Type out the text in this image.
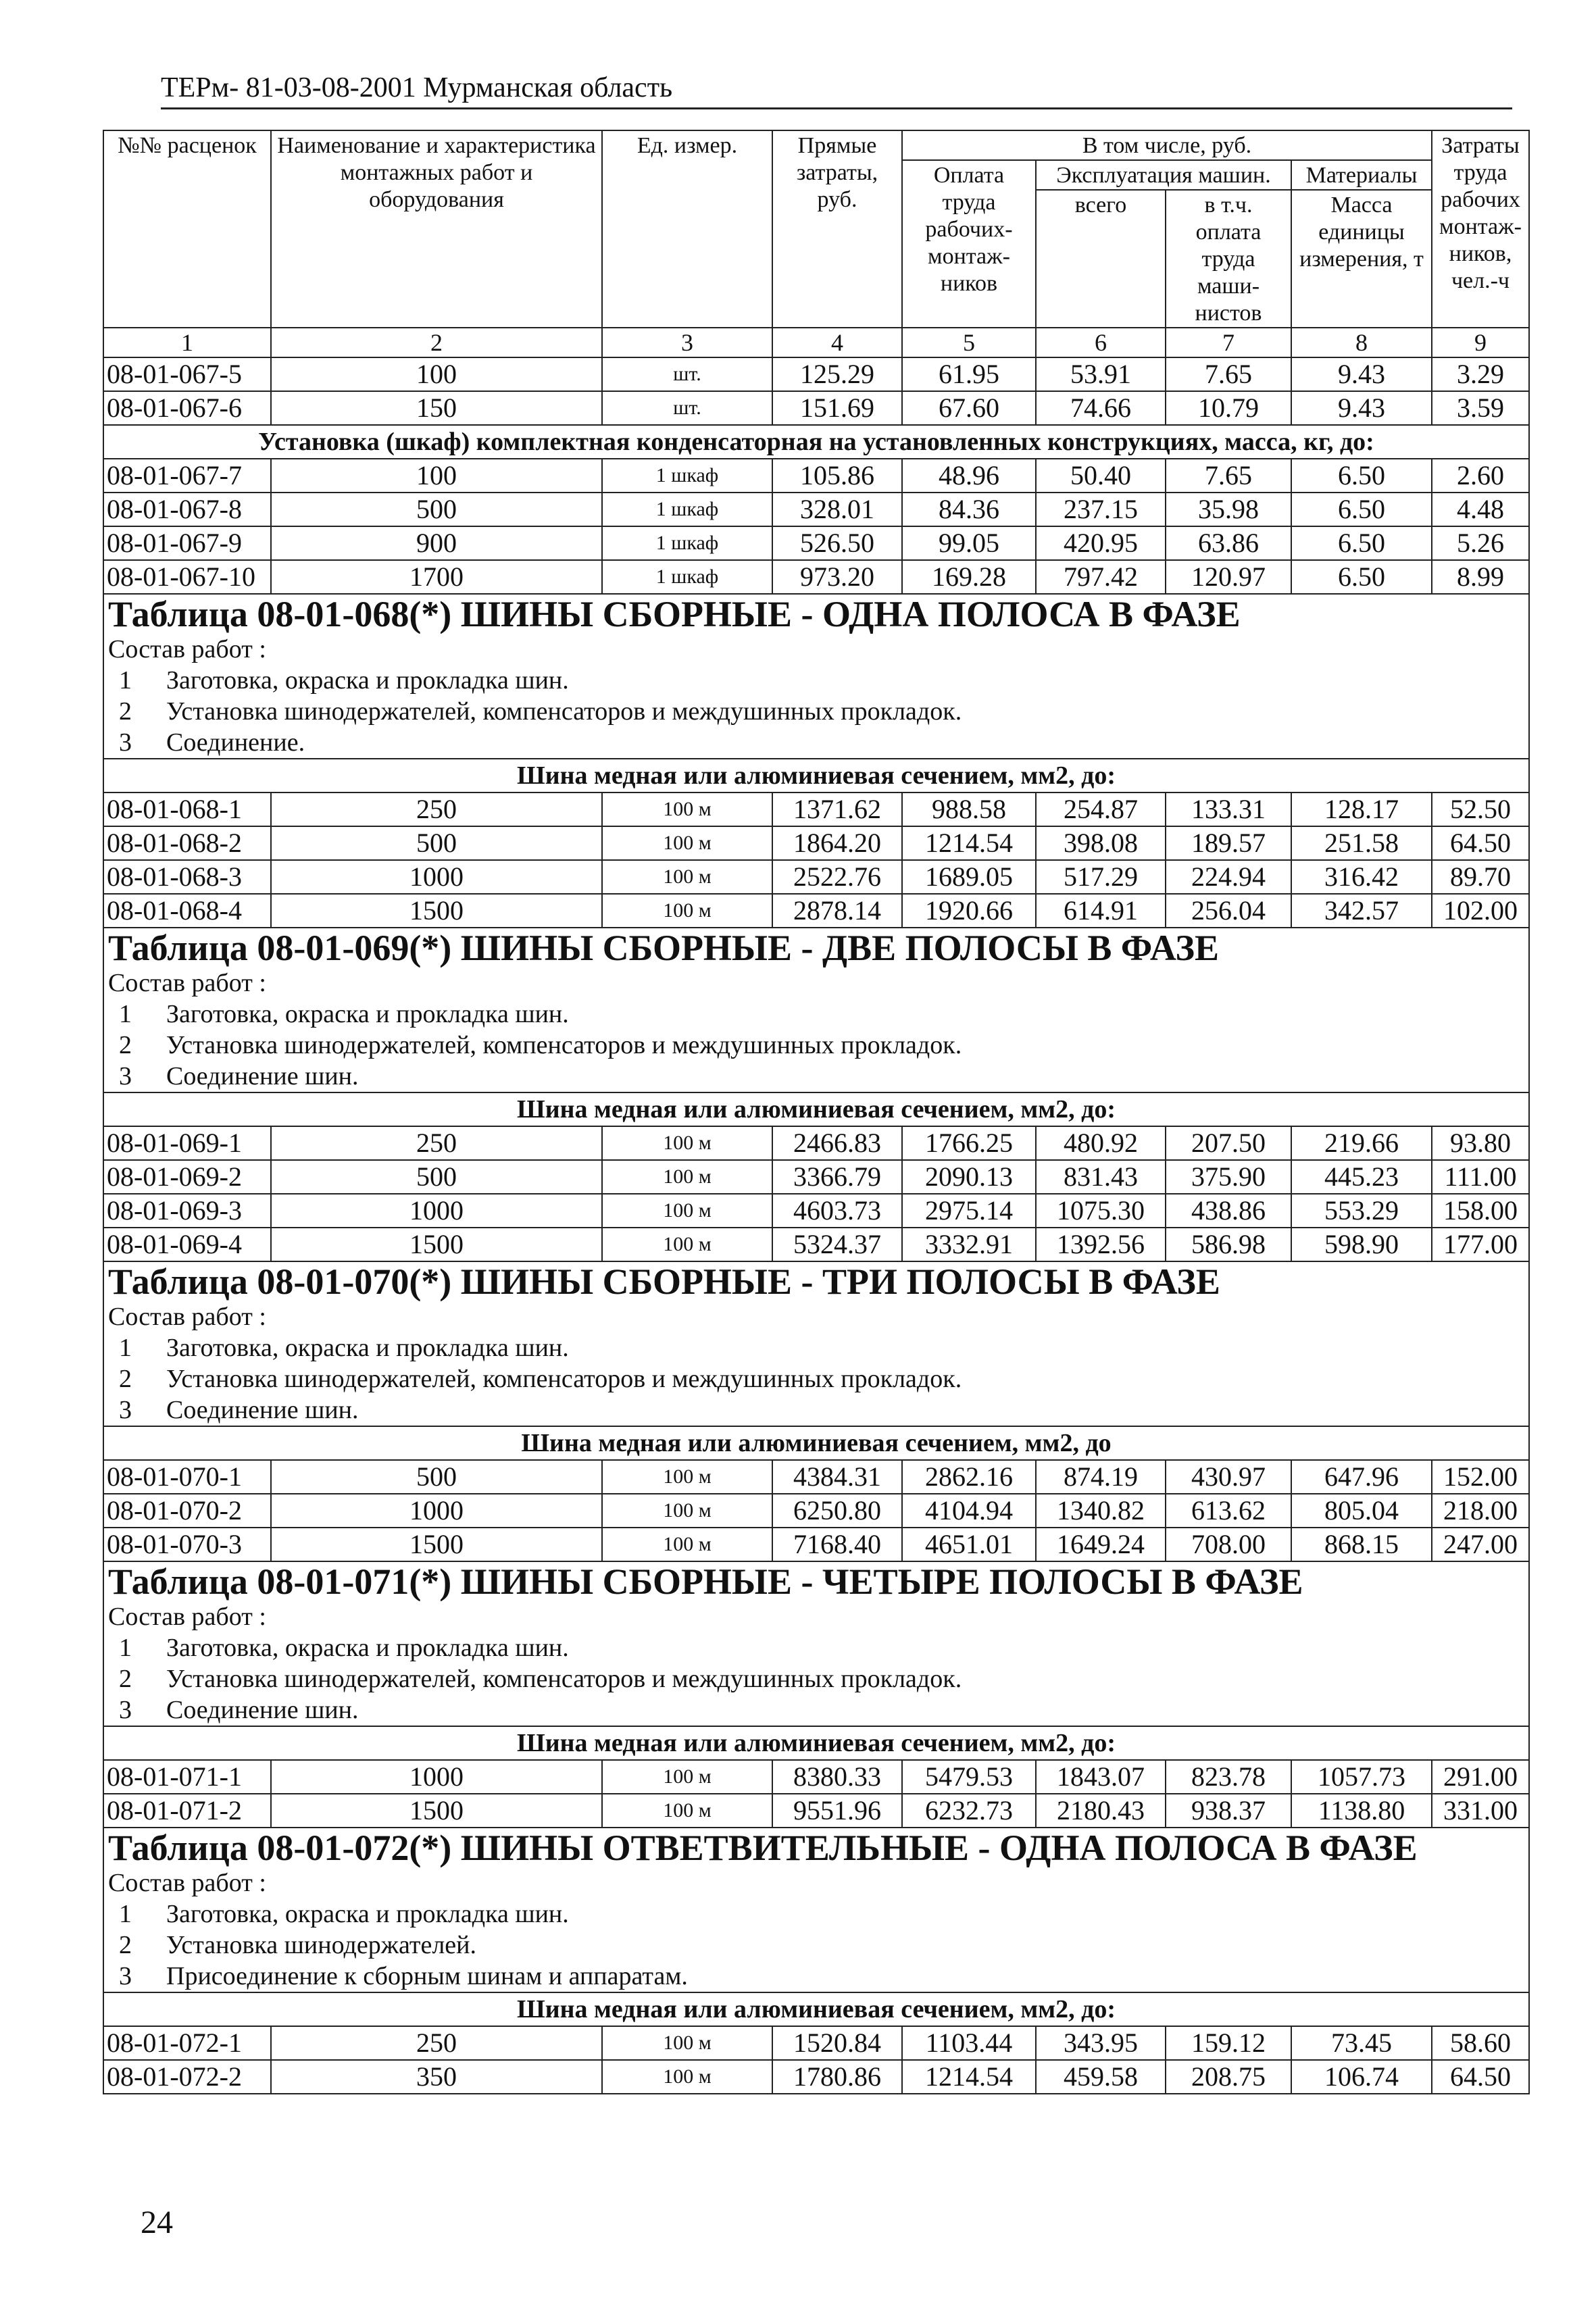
ТЕРм- 81-03-08-2001 Мурманская область
№№ расценок	Наименование и характеристика монтажных работ и оборудования	Ед. измер.	Прямые затраты, руб.	В том числе, руб.				Затраты труда рабочих монтаж-ников, чел.-ч
				Оплата труда рабочих-монтаж-ников	Эксплуатация машин.		Материалы	
					всего	в т.ч. оплата труда маши-нистов	Масса единицы измерения, т	
1	2	3	4	5	6	7	8	9
08-01-067-5	100	шт.	125.29	61.95	53.91	7.65	9.43	3.29
08-01-067-6	150	шт.	151.69	67.60	74.66	10.79	9.43	3.59
Установка (шкаф) комплектная конденсаторная на установленных конструкциях, масса, кг, до:								
08-01-067-7	100	1 шкаф	105.86	48.96	50.40	7.65	6.50	2.60
08-01-067-8	500	1 шкаф	328.01	84.36	237.15	35.98	6.50	4.48
08-01-067-9	900	1 шкаф	526.50	99.05	420.95	63.86	6.50	5.26
08-01-067-10	1700	1 шкаф	973.20	169.28	797.42	120.97	6.50	8.99
Таблица 08-01-068(*) ШИНЫ СБОРНЫЕ - ОДНА ПОЛОСА В ФАЗЕ								
Состав работ :								
1 Заготовка, окраска и прокладка шин.								
2 Установка шинодержателей, компенсаторов и междушинных прокладок.								
3 Соединение.								
Шина медная или алюминиевая сечением, мм2, до:								
08-01-068-1	250	100 м	1371.62	988.58	254.87	133.31	128.17	52.50
08-01-068-2	500	100 м	1864.20	1214.54	398.08	189.57	251.58	64.50
08-01-068-3	1000	100 м	2522.76	1689.05	517.29	224.94	316.42	89.70
08-01-068-4	1500	100 м	2878.14	1920.66	614.91	256.04	342.57	102.00
Таблица 08-01-069(*) ШИНЫ СБОРНЫЕ - ДВЕ ПОЛОСЫ В ФАЗЕ								
Состав работ :								
1 Заготовка, окраска и прокладка шин.								
2 Установка шинодержателей, компенсаторов и междушинных прокладок.								
3 Соединение шин.								
Шина медная или алюминиевая сечением, мм2, до:								
08-01-069-1	250	100 м	2466.83	1766.25	480.92	207.50	219.66	93.80
08-01-069-2	500	100 м	3366.79	2090.13	831.43	375.90	445.23	111.00
08-01-069-3	1000	100 м	4603.73	2975.14	1075.30	438.86	553.29	158.00
08-01-069-4	1500	100 м	5324.37	3332.91	1392.56	586.98	598.90	177.00
Таблица 08-01-070(*) ШИНЫ СБОРНЫЕ - ТРИ ПОЛОСЫ В ФАЗЕ								
Состав работ :								
1 Заготовка, окраска и прокладка шин.								
2 Установка шинодержателей, компенсаторов и междушинных прокладок.								
3 Соединение шин.								
Шина медная или алюминиевая сечением, мм2, до								
08-01-070-1	500	100 м	4384.31	2862.16	874.19	430.97	647.96	152.00
08-01-070-2	1000	100 м	6250.80	4104.94	1340.82	613.62	805.04	218.00
08-01-070-3	1500	100 м	7168.40	4651.01	1649.24	708.00	868.15	247.00
Таблица 08-01-071(*) ШИНЫ СБОРНЫЕ - ЧЕТЫРЕ ПОЛОСЫ В ФАЗЕ								
Состав работ :								
1 Заготовка, окраска и прокладка шин.								
2 Установка шинодержателей, компенсаторов и междушинных прокладок.								
3 Соединение шин.								
Шина медная или алюминиевая сечением, мм2, до:								
08-01-071-1	1000	100 м	8380.33	5479.53	1843.07	823.78	1057.73	291.00
08-01-071-2	1500	100 м	9551.96	6232.73	2180.43	938.37	1138.80	331.00
Таблица 08-01-072(*) ШИНЫ ОТВЕТВИТЕЛЬНЫЕ - ОДНА ПОЛОСА В ФАЗЕ								
Состав работ :								
1 Заготовка, окраска и прокладка шин.								
2 Установка шинодержателей.								
3 Присоединение к сборным шинам и аппаратам.								
Шина медная или алюминиевая сечением, мм2, до:								
08-01-072-1	250	100 м	1520.84	1103.44	343.95	159.12	73.45	58.60
08-01-072-2	350	100 м	1780.86	1214.54	459.58	208.75	106.74	64.50
24
